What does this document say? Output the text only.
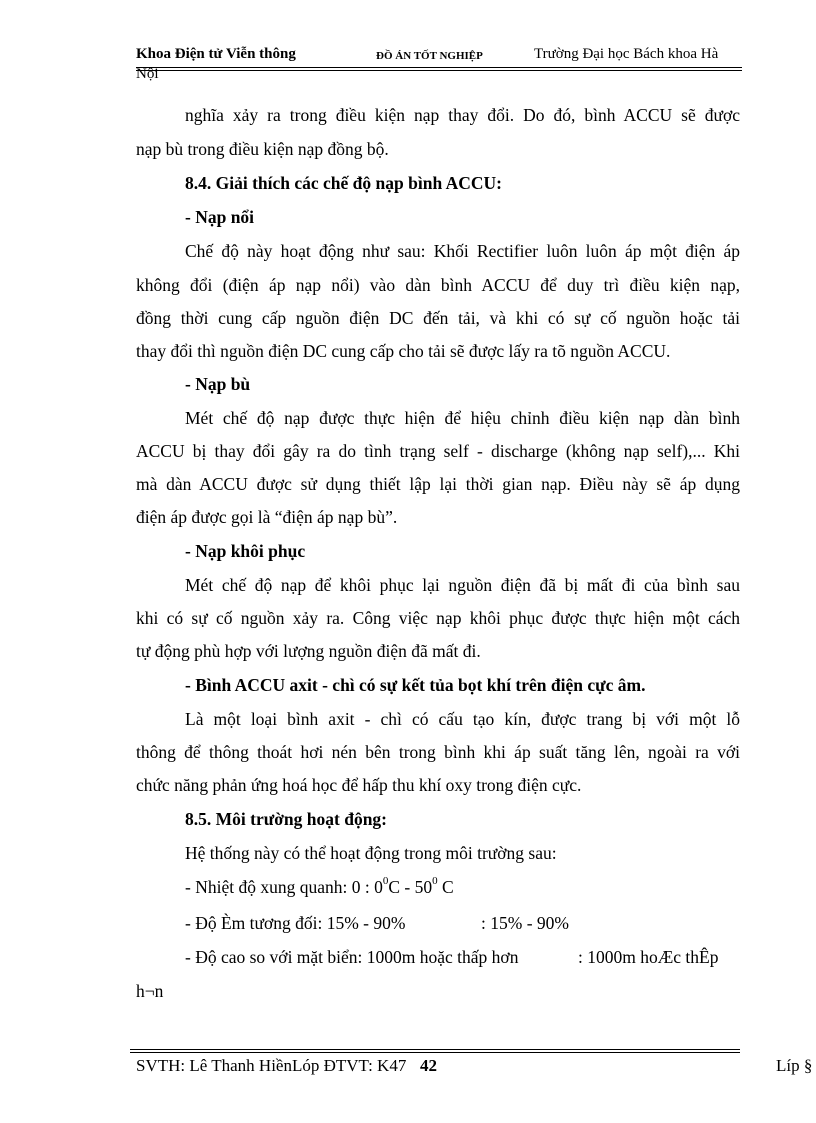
Khoa Điện tử Viễn thông	ĐỒ ÁN TỐT NGHIỆP	Trường Đại học Bách khoa Hà
Nội
nghĩa xảy ra trong điều kiện nạp thay đổi. Do đó, bình ACCU sẽ được
nạp bù trong điều kiện nạp đồng bộ.
8.4. Giải thích các chế độ nạp bình ACCU:
- Nạp nổi
Chế độ này hoạt động như sau: Khối Rectifier luôn luôn áp một điện áp
không đổi (điện áp nạp nổi) vào dàn bình ACCU để duy trì điều kiện nạp,
đồng thời cung cấp nguồn điện DC đến tải, và khi có sự cố nguồn hoặc tải
thay đổi thì nguồn điện DC cung cấp cho tải sẽ được lấy ra tõ nguồn ACCU.
- Nạp bù
Mét chế độ nạp được thực hiện để hiệu chỉnh điều kiện nạp dàn bình
ACCU bị thay đổi gây ra do tình trạng self - discharge (không nạp self),... Khi
mà dàn ACCU được sử dụng thiết lập lại thời gian nạp. Điều này sẽ áp dụng
điện áp được gọi là “điện áp nạp bù”.
- Nạp khôi phục
Mét chế độ nạp để khôi phục lại nguồn điện đã bị mất đi của bình sau
khi có sự cố nguồn xảy ra. Công việc nạp khôi phục được thực hiện một cách
tự động phù hợp với lượng nguồn điện đã mất đi.
- Bình ACCU axit - chì có sự kết tủa bọt khí trên điện cực âm.
Là một loại bình axit - chì có cấu tạo kín, được trang bị với một lỗ
thông để thông thoát hơi nén bên trong bình khi áp suất tăng lên, ngoài ra với
chức năng phản ứng hoá học để hấp thu khí oxy trong điện cực.
8.5. Môi trường hoạt động:
Hệ thống này có thể hoạt động trong môi trường sau:
- Nhiệt độ xung quanh: 0 : $0^0C - 50^0$ C
- Độ Èm tương đối: 15% - 90%	: 15% - 90%
- Độ cao so với mặt biển: 1000m hoặc thấp hơn	: 1000m hoÆc thÊp
h¬n
SVTH: Lê Thanh HiềnLóp ĐTVT: K47 42	Líp §
